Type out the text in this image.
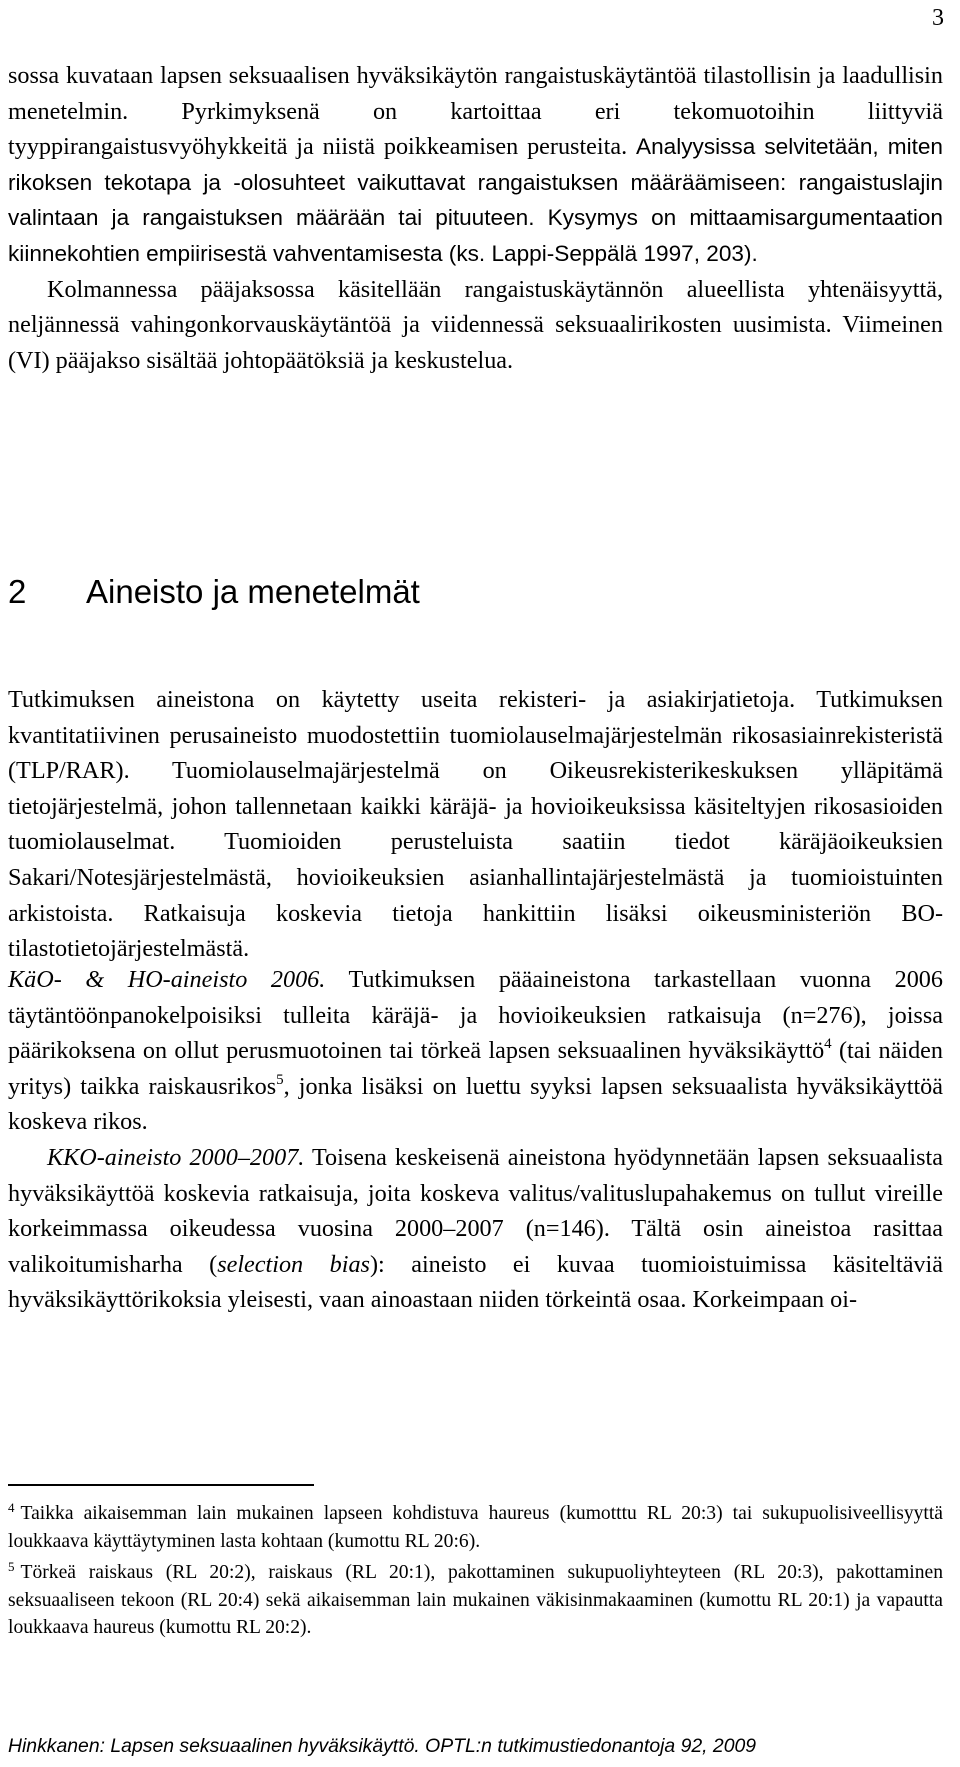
3

sossa kuvataan lapsen seksuaalisen hyväksikäytön rangaistuskäytäntöä tilastollisin ja laadullisin menetelmin. Pyrkimyksenä on kartoittaa eri tekomuotoihin liittyviä tyyppirangaistusvyöhykkeitä ja niistä poikkeamisen perusteita. Analyysissa selvitetään, miten rikoksen tekotapa ja -olosuhteet vaikuttavat rangaistuksen määräämiseen: rangaistuslajin valintaan ja rangaistuksen määrään tai pituuteen. Kysymys on mittaamisargumentaation kiinnekohtien empiirisestä vahventamisesta (ks. Lappi-Seppälä 1997, 203).

Kolmannessa pääjaksossa käsitellään rangaistuskäytännön alueellista yhtenäisyyttä, neljännessä vahingonkorvauskäytäntöä ja viidennessä seksuaalirikosten uusimista. Viimeinen (VI) pääjakso sisältää johtopäätöksiä ja keskustelua.

2 Aineisto ja menetelmät

Tutkimuksen aineistona on käytetty useita rekisteri- ja asiakirjatietoja. Tutkimuksen kvantitatiivinen perusaineisto muodostettiin tuomiolauselmajärjestelmän rikosasiainrekisteristä (TLP/RAR). Tuomiolauselmajärjestelmä on Oikeusrekisterikeskuksen ylläpitämä tietojärjestelmä, johon tallennetaan kaikki käräjä- ja hovioikeuksissa käsiteltyjen rikosasioiden tuomiolauselmat. Tuomioiden perusteluista saatiin tiedot käräjäoikeuksien Sakari/Notesjärjestelmästä, hovioikeuksien asianhallintajärjestelmästä ja tuomioistuinten arkistoista. Ratkaisuja koskevia tietoja hankittiin lisäksi oikeusministeriön BO-tilastotietojärjestelmästä.

KäO- & HO-aineisto 2006. Tutkimuksen pääaineistona tarkastellaan vuonna 2006 täytäntöönpanokelpoisiksi tulleita käräjä- ja hovioikeuksien ratkaisuja (n=276), joissa päärikoksena on ollut perusmuotoinen tai törkeä lapsen seksuaalinen hyväksikäyttö$^4$ (tai näiden yritys) taikka raiskausrikos$^5$, jonka lisäksi on luettu syyksi lapsen seksuaalista hyväksikäyttöä koskeva rikos.

KKO-aineisto 2000–2007. Toisena keskeisenä aineistona hyödynnetään lapsen seksuaalista hyväksikäyttöä koskevia ratkaisuja, joita koskeva valitus/valituslupahakemus on tullut vireille korkeimmassa oikeudessa vuosina 2000–2007 (n=146). Tältä osin aineistoa rasittaa valikoitumisharha (selection bias): aineisto ei kuvaa tuomioistuimissa käsiteltäviä hyväksikäyttörikoksia yleisesti, vaan ainoastaan niiden törkeintä osaa. Korkeimpaan oi-

$^4$ Taikka aikaisemman lain mukainen lapseen kohdistuva haureus (kumotttu RL 20:3) tai sukupuolisiveellisyyttä loukkaava käyttäytyminen lasta kohtaan (kumottu RL 20:6).

$^5$ Törkeä raiskaus (RL 20:2), raiskaus (RL 20:1), pakottaminen sukupuoliyhteyteen (RL 20:3), pakottaminen seksuaaliseen tekoon (RL 20:4) sekä aikaisemman lain mukainen väkisinmakaaminen (kumottu RL 20:1) ja vapautta loukkaava haureus (kumottu RL 20:2).

Hinkkanen: Lapsen seksuaalinen hyväksikäyttö. OPTL:n tutkimustiedonantoja 92, 2009
